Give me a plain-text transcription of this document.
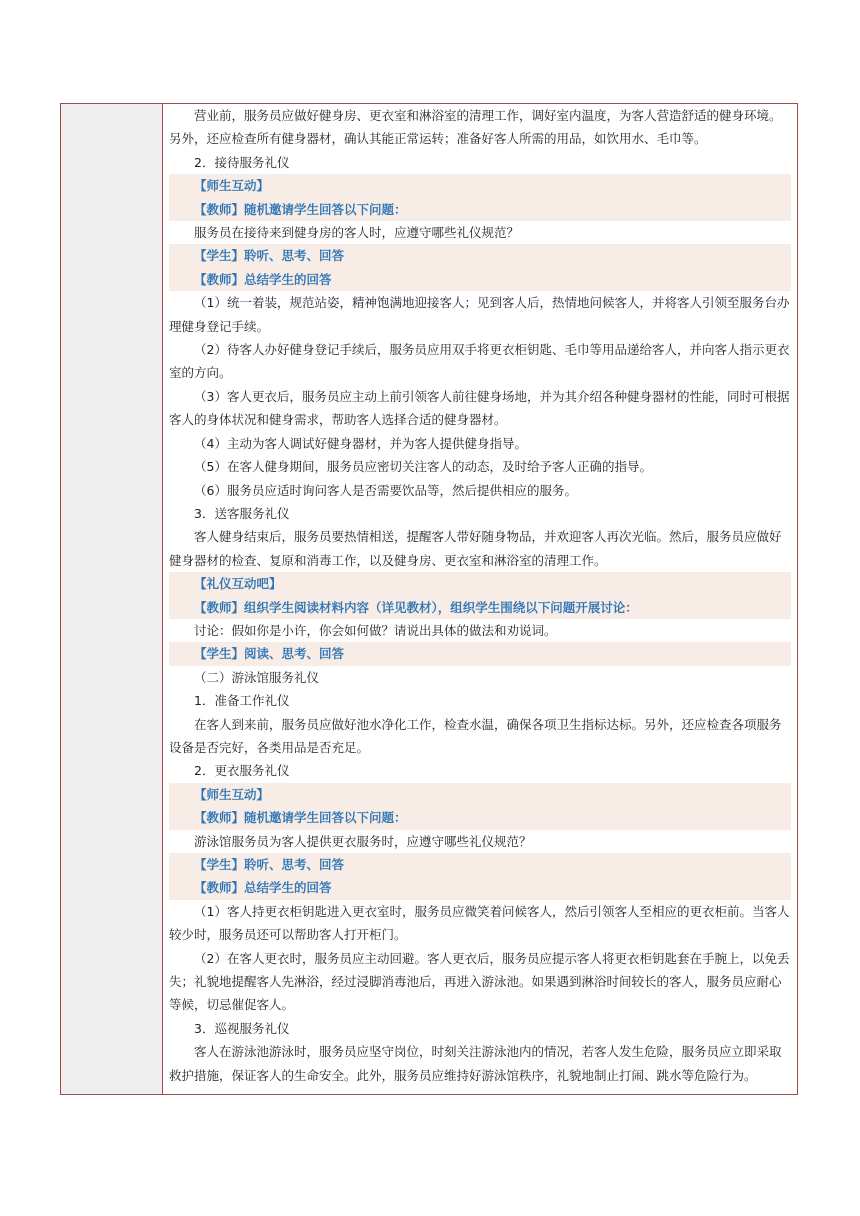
营业前，服务员应做好健身房、更衣室和淋浴室的清理工作，调好室内温度，为客人营造舒适的健身环境。另外，还应检查所有健身器材，确认其能正常运转；准备好客人所需的用品，如饮用水、毛巾等。

2．接待服务礼仪

【师生互动】

【教师】随机邀请学生回答以下问题：

服务员在接待来到健身房的客人时，应遵守哪些礼仪规范？

【学生】聆听、思考、回答

【教师】总结学生的回答

（1）统一着装，规范站姿，精神饱满地迎接客人；见到客人后，热情地问候客人，并将客人引领至服务台办理健身登记手续。

（2）待客人办好健身登记手续后，服务员应用双手将更衣柜钥匙、毛巾等用品递给客人，并向客人指示更衣室的方向。

（3）客人更衣后，服务员应主动上前引领客人前往健身场地，并为其介绍各种健身器材的性能，同时可根据客人的身体状况和健身需求，帮助客人选择合适的健身器材。

（4）主动为客人调试好健身器材，并为客人提供健身指导。

（5）在客人健身期间，服务员应密切关注客人的动态，及时给予客人正确的指导。

（6）服务员应适时询问客人是否需要饮品等，然后提供相应的服务。

3．送客服务礼仪

客人健身结束后，服务员要热情相送，提醒客人带好随身物品，并欢迎客人再次光临。然后，服务员应做好健身器材的检查、复原和消毒工作，以及健身房、更衣室和淋浴室的清理工作。

【礼仪互动吧】

【教师】组织学生阅读材料内容（详见教材），组织学生围绕以下问题开展讨论：

讨论：假如你是小许，你会如何做？请说出具体的做法和劝说词。

【学生】阅读、思考、回答

（二）游泳馆服务礼仪

1．准备工作礼仪

在客人到来前，服务员应做好池水净化工作，检查水温，确保各项卫生指标达标。另外，还应检查各项服务设备是否完好，各类用品是否充足。

2．更衣服务礼仪

【师生互动】

【教师】随机邀请学生回答以下问题：

游泳馆服务员为客人提供更衣服务时，应遵守哪些礼仪规范？

【学生】聆听、思考、回答

【教师】总结学生的回答

（1）客人持更衣柜钥匙进入更衣室时，服务员应微笑着问候客人，然后引领客人至相应的更衣柜前。当客人较少时，服务员还可以帮助客人打开柜门。

（2）在客人更衣时，服务员应主动回避。客人更衣后，服务员应提示客人将更衣柜钥匙套在手腕上，以免丢失；礼貌地提醒客人先淋浴，经过浸脚消毒池后，再进入游泳池。如果遇到淋浴时间较长的客人，服务员应耐心等候，切忌催促客人。

3．巡视服务礼仪

客人在游泳池游泳时，服务员应坚守岗位，时刻关注游泳池内的情况，若客人发生危险，服务员应立即采取救护措施，保证客人的生命安全。此外，服务员应维持好游泳馆秩序，礼貌地制止打闹、跳水等危险行为。
